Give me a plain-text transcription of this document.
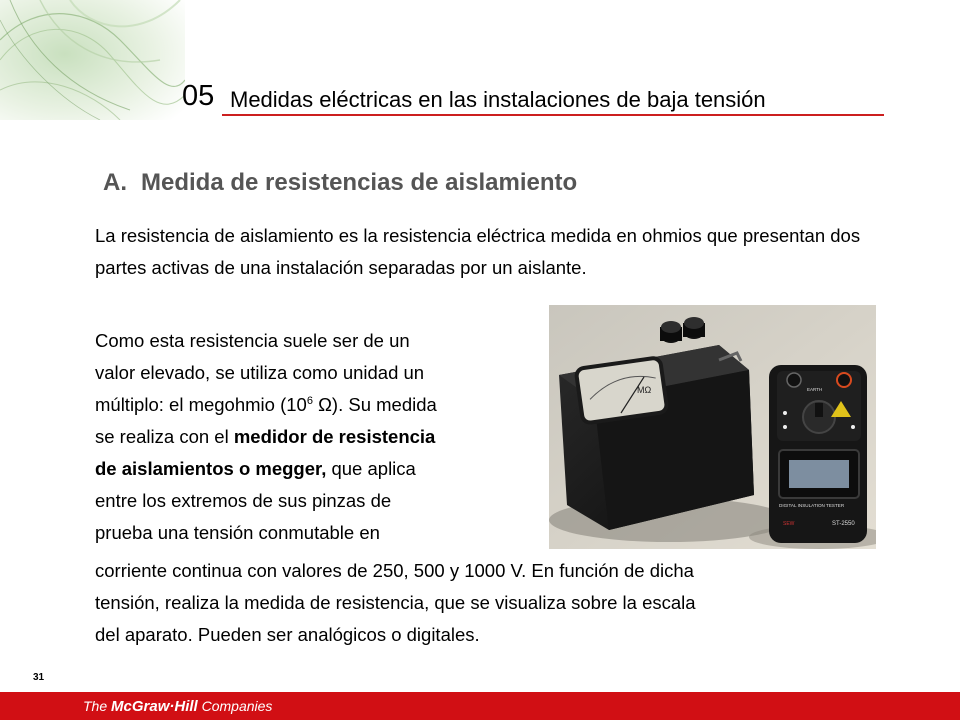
05 Medidas eléctricas en las instalaciones de baja tensión
A. Medida de resistencias de aislamiento

La resistencia de aislamiento es la resistencia eléctrica medida en ohmios que presentan dos partes activas de una instalación separadas por un aislante.

Como esta resistencia suele ser de un
valor elevado, se utiliza como unidad un
múltiplo: el megohmio ($10^6$ Ω). Su medida
se realiza con el medidor de resistencia
de aislamientos o megger, que aplica
entre los extremos de sus pinzas de
prueba una tensión conmutable en
corriente continua con valores de 250, 500 y 1000 V. En función de dicha
tensión, realiza la medida de resistencia, que se visualiza sobre la escala
del aparato. Pueden ser analógicos o digitales.
MΩ	EARTH
DIGITAL INSULATION TESTER
ST-2550
SEW
31
The McGraw·Hill Companies
